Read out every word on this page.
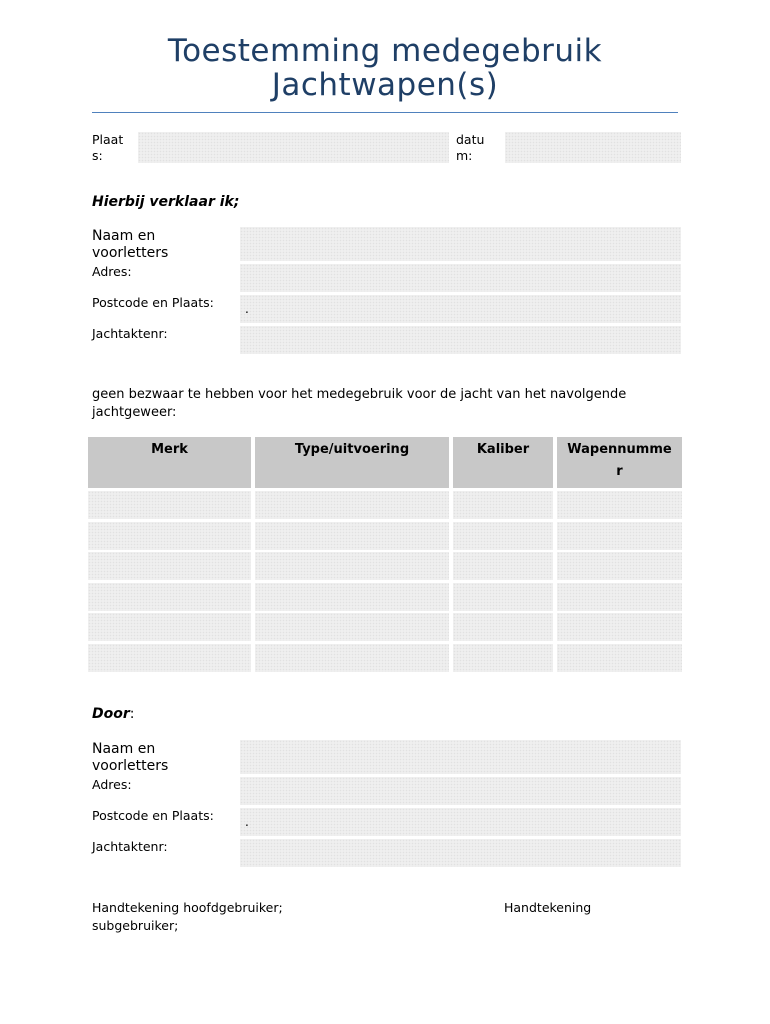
Toestemming medegebruik
Jachtwapen(s)
Plaat
s:
datu
m:
Hierbij verklaar ik;
Naam en
voorletters
Adres:
Postcode en Plaats:	.
Jachtaktenr:
geen bezwaar te hebben voor het medegebruik voor de jacht van het navolgende
jachtgeweer:
Merk	Type/uitvoering	Kaliber	Wapennumme
r
Door:
Naam en
voorletters
Adres:
Postcode en Plaats:	.
Jachtaktenr:
Handtekening hoofdgebruiker;	Handtekening
subgebruiker;
